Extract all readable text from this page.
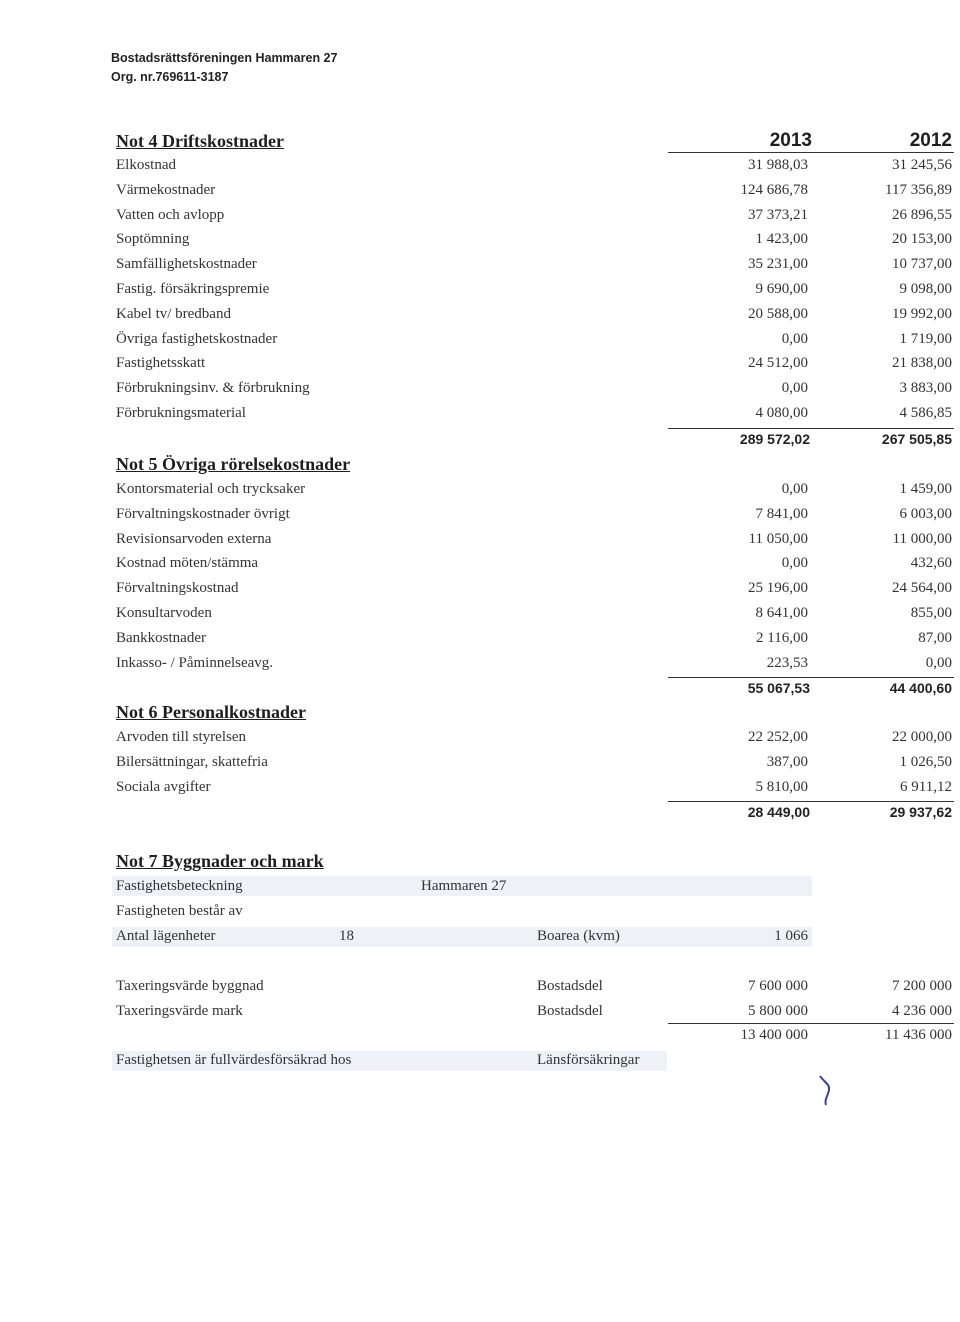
Bostadsrättsföreningen Hammaren 27
Org. nr.769611-3187
Not 4 Driftskostnader	2013	2012
Elkostnad	31 988,03	31 245,56
Värmekostnader	124 686,78	117 356,89
Vatten och avlopp	37 373,21	26 896,55
Soptömning	1 423,00	20 153,00
Samfällighetskostnader	35 231,00	10 737,00
Fastig. försäkringspremie	9 690,00	9 098,00
Kabel tv/ bredband	20 588,00	19 992,00
Övriga fastighetskostnader	0,00	1 719,00
Fastighetsskatt	24 512,00	21 838,00
Förbrukningsinv. & förbrukning	0,00	3 883,00
Förbrukningsmaterial	4 080,00	4 586,85
289 572,02	267 505,85
Not 5 Övriga rörelsekostnader
Kontorsmaterial och trycksaker	0,00	1 459,00
Förvaltningskostnader övrigt	7 841,00	6 003,00
Revisionsarvoden externa	11 050,00	11 000,00
Kostnad möten/stämma	0,00	432,60
Förvaltningskostnad	25 196,00	24 564,00
Konsultarvoden	8 641,00	855,00
Bankkostnader	2 116,00	87,00
Inkasso- / Påminnelseavg.	223,53	0,00
55 067,53	44 400,60
Not 6 Personalkostnader
Arvoden till styrelsen	22 252,00	22 000,00
Bilersättningar, skattefria	387,00	1 026,50
Sociala avgifter	5 810,00	6 911,12
28 449,00	29 937,62
Not 7 Byggnader och mark
Fastighetsbeteckning	Hammaren 27
Fastigheten består av
Antal lägenheter	18	Boarea (kvm)	1 066
Taxeringsvärde byggnad	Bostadsdel	7 600 000	7 200 000
Taxeringsvärde mark	Bostadsdel	5 800 000	4 236 000
13 400 000	11 436 000
Fastighetsen är fullvärdesförsäkrad hos	Länsförsäkringar
